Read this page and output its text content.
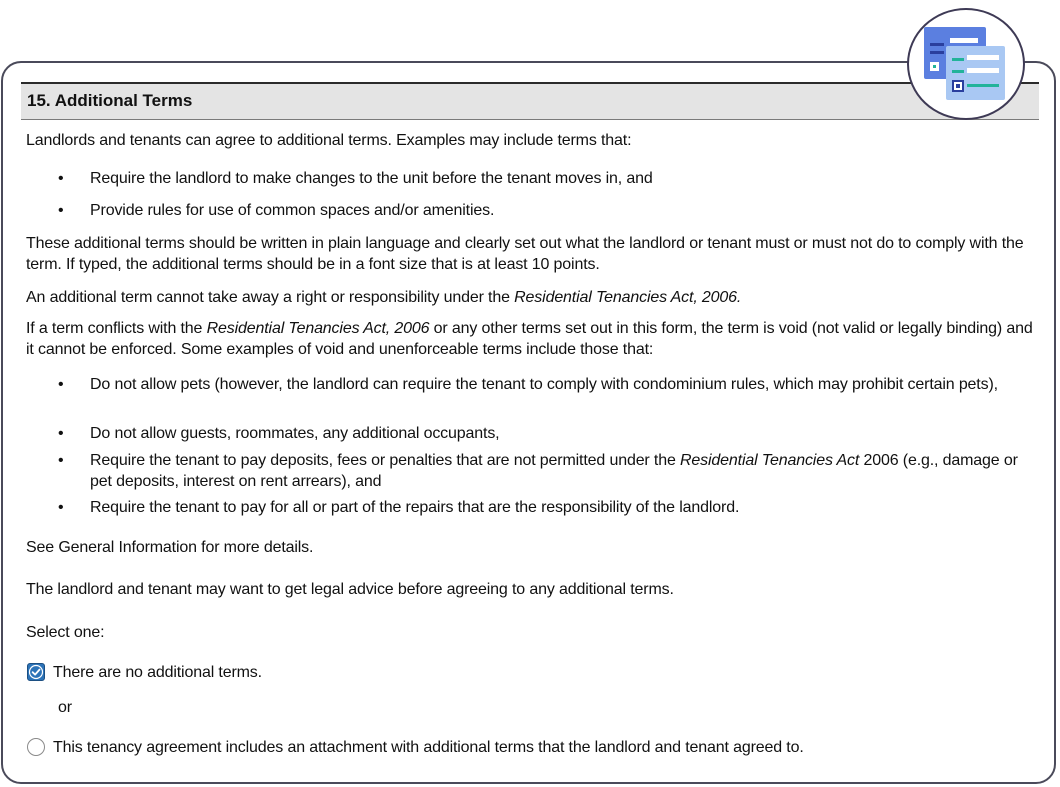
15. Additional Terms

Landlords and tenants can agree to additional terms. Examples may include terms that:

• Require the landlord to make changes to the unit before the tenant moves in, and
• Provide rules for use of common spaces and/or amenities.

These additional terms should be written in plain language and clearly set out what the landlord or tenant must or must not do to comply with the term. If typed, the additional terms should be in a font size that is at least 10 points.

An additional term cannot take away a right or responsibility under the Residential Tenancies Act, 2006.

If a term conflicts with the Residential Tenancies Act, 2006 or any other terms set out in this form, the term is void (not valid or legally binding) and it cannot be enforced. Some examples of void and unenforceable terms include those that:

• Do not allow pets (however, the landlord can require the tenant to comply with condominium rules, which may prohibit certain pets),
• Do not allow guests, roommates, any additional occupants,
• Require the tenant to pay deposits, fees or penalties that are not permitted under the Residential Tenancies Act 2006 (e.g., damage or pet deposits, interest on rent arrears), and
• Require the tenant to pay for all or part of the repairs that are the responsibility of the landlord.

See General Information for more details.

The landlord and tenant may want to get legal advice before agreeing to any additional terms.

Select one:

There are no additional terms.

or

This tenancy agreement includes an attachment with additional terms that the landlord and tenant agreed to.
